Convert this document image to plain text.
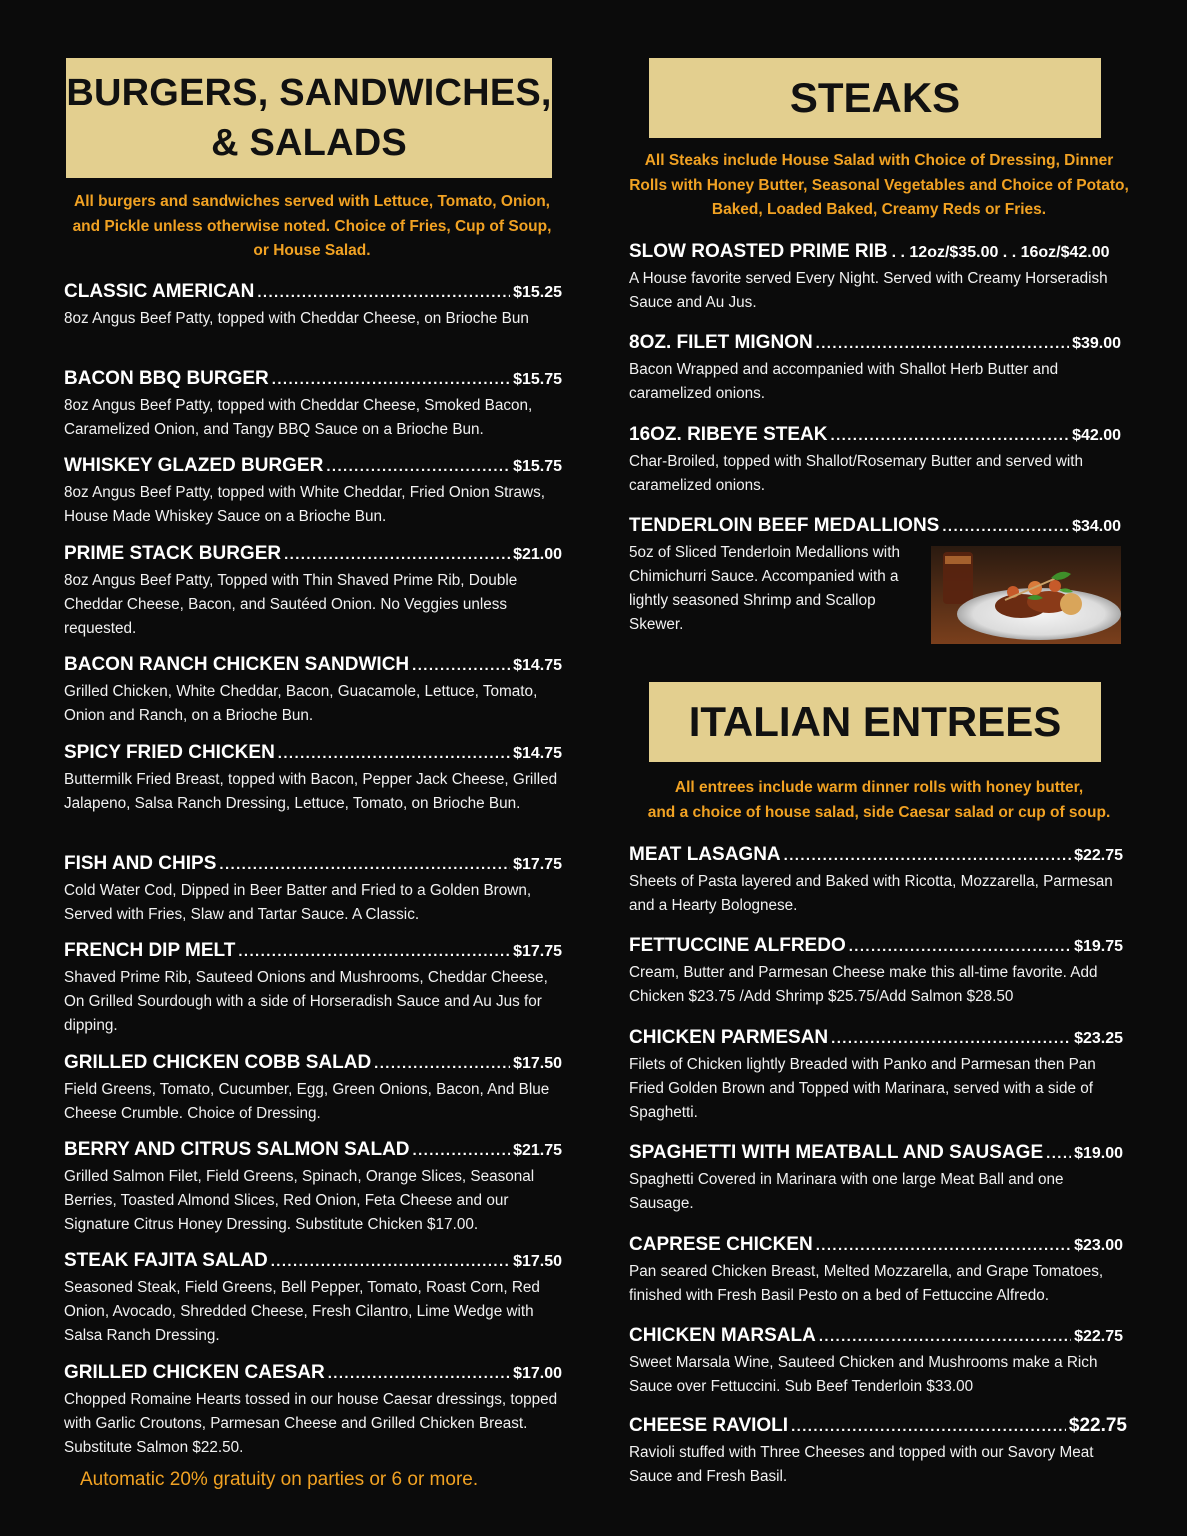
BURGERS, SANDWICHES,
& SALADS
All burgers and sandwiches served with Lettuce, Tomato, Onion, and Pickle unless otherwise noted. Choice of Fries, Cup of Soup, or House Salad.
CLASSIC AMERICAN .....	$15.25
8oz Angus Beef Patty, topped with Cheddar Cheese, on Brioche Bun
BACON BBQ BURGER .....	$15.75
8oz Angus Beef Patty, topped with Cheddar Cheese, Smoked Bacon, Caramelized Onion, and Tangy BBQ Sauce on a Brioche Bun.
WHISKEY GLAZED BURGER .....	$15.75
8oz Angus Beef Patty, topped with White Cheddar, Fried Onion Straws, House Made Whiskey Sauce on a Brioche Bun.
PRIME STACK BURGER .....	$21.00
8oz Angus Beef Patty, Topped with Thin Shaved Prime Rib, Double Cheddar Cheese, Bacon, and Sautéed Onion. No Veggies unless requested.
BACON RANCH CHICKEN SANDWICH .....	$14.75
Grilled Chicken, White Cheddar, Bacon, Guacamole, Lettuce, Tomato, Onion and Ranch, on a Brioche Bun.
SPICY FRIED CHICKEN .....	$14.75
Buttermilk Fried Breast, topped with Bacon, Pepper Jack Cheese, Grilled Jalapeno, Salsa Ranch Dressing, Lettuce, Tomato, on Brioche Bun.
FISH AND CHIPS .....	$17.75
Cold Water Cod, Dipped in Beer Batter and Fried to a Golden Brown, Served with Fries, Slaw and Tartar Sauce. A Classic.
FRENCH DIP MELT .....	$17.75
Shaved Prime Rib, Sauteed Onions and Mushrooms, Cheddar Cheese, On Grilled Sourdough with a side of Horseradish Sauce and Au Jus for dipping.
GRILLED CHICKEN COBB SALAD .....	$17.50
Field Greens, Tomato, Cucumber, Egg, Green Onions, Bacon, And Blue Cheese Crumble. Choice of Dressing.
BERRY AND CITRUS SALMON SALAD .....	$21.75
Grilled Salmon Filet, Field Greens, Spinach, Orange Slices, Seasonal Berries, Toasted Almond Slices, Red Onion, Feta Cheese and our Signature Citrus Honey Dressing. Substitute Chicken $17.00.
STEAK FAJITA SALAD .....	$17.50
Seasoned Steak, Field Greens, Bell Pepper, Tomato, Roast Corn, Red Onion, Avocado, Shredded Cheese, Fresh Cilantro, Lime Wedge with Salsa Ranch Dressing.
GRILLED CHICKEN CAESAR .....	$17.00
Chopped Romaine Hearts tossed in our house Caesar dressings, topped with Garlic Croutons, Parmesan Cheese and Grilled Chicken Breast. Substitute Salmon $22.50.
Automatic 20% gratuity on parties or 6 or more.
STEAKS
All Steaks include House Salad with Choice of Dressing, Dinner Rolls with Honey Butter, Seasonal Vegetables and Choice of Potato, Baked, Loaded Baked, Creamy Reds or Fries.
SLOW ROASTED PRIME RIB . . 12oz/$35.00 . . 16oz/$42.00
A House favorite served Every Night. Served with Creamy Horseradish Sauce and Au Jus.
8OZ. FILET MIGNON .....	$39.00
Bacon Wrapped and accompanied with Shallot Herb Butter and caramelized onions.
16OZ. RIBEYE STEAK .....	$42.00
Char-Broiled, topped with Shallot/Rosemary Butter and served with caramelized onions.
TENDERLOIN BEEF MEDALLIONS .....	$34.00
5oz of Sliced Tenderloin Medallions with Chimichurri Sauce. Accompanied with a lightly seasoned Shrimp and Scallop Skewer.
ITALIAN ENTREES
All entrees include warm dinner rolls with honey butter,
and a choice of house salad, side Caesar salad or cup of soup.
MEAT LASAGNA .....	$22.75
Sheets of Pasta layered and Baked with Ricotta, Mozzarella, Parmesan and a Hearty Bolognese.
FETTUCCINE ALFREDO .....	$19.75
Cream, Butter and Parmesan Cheese make this all-time favorite. Add Chicken $23.75 /Add Shrimp $25.75/Add Salmon $28.50
CHICKEN PARMESAN .....	$23.25
Filets of Chicken lightly Breaded with Panko and Parmesan then Pan Fried Golden Brown and Topped with Marinara, served with a side of Spaghetti.
SPAGHETTI WITH MEATBALL AND SAUSAGE ..... $19.00
Spaghetti Covered in Marinara with one large Meat Ball and one Sausage.
CAPRESE CHICKEN .....	$23.00
Pan seared Chicken Breast, Melted Mozzarella, and Grape Tomatoes, finished with Fresh Basil Pesto on a bed of Fettuccine Alfredo.
CHICKEN MARSALA .....	$22.75
Sweet Marsala Wine, Sauteed Chicken and Mushrooms make a Rich Sauce over Fettuccini. Sub Beef Tenderloin $33.00
CHEESE RAVIOLI .....	$22.75
Ravioli stuffed with Three Cheeses and topped with our Savory Meat Sauce and Fresh Basil.
